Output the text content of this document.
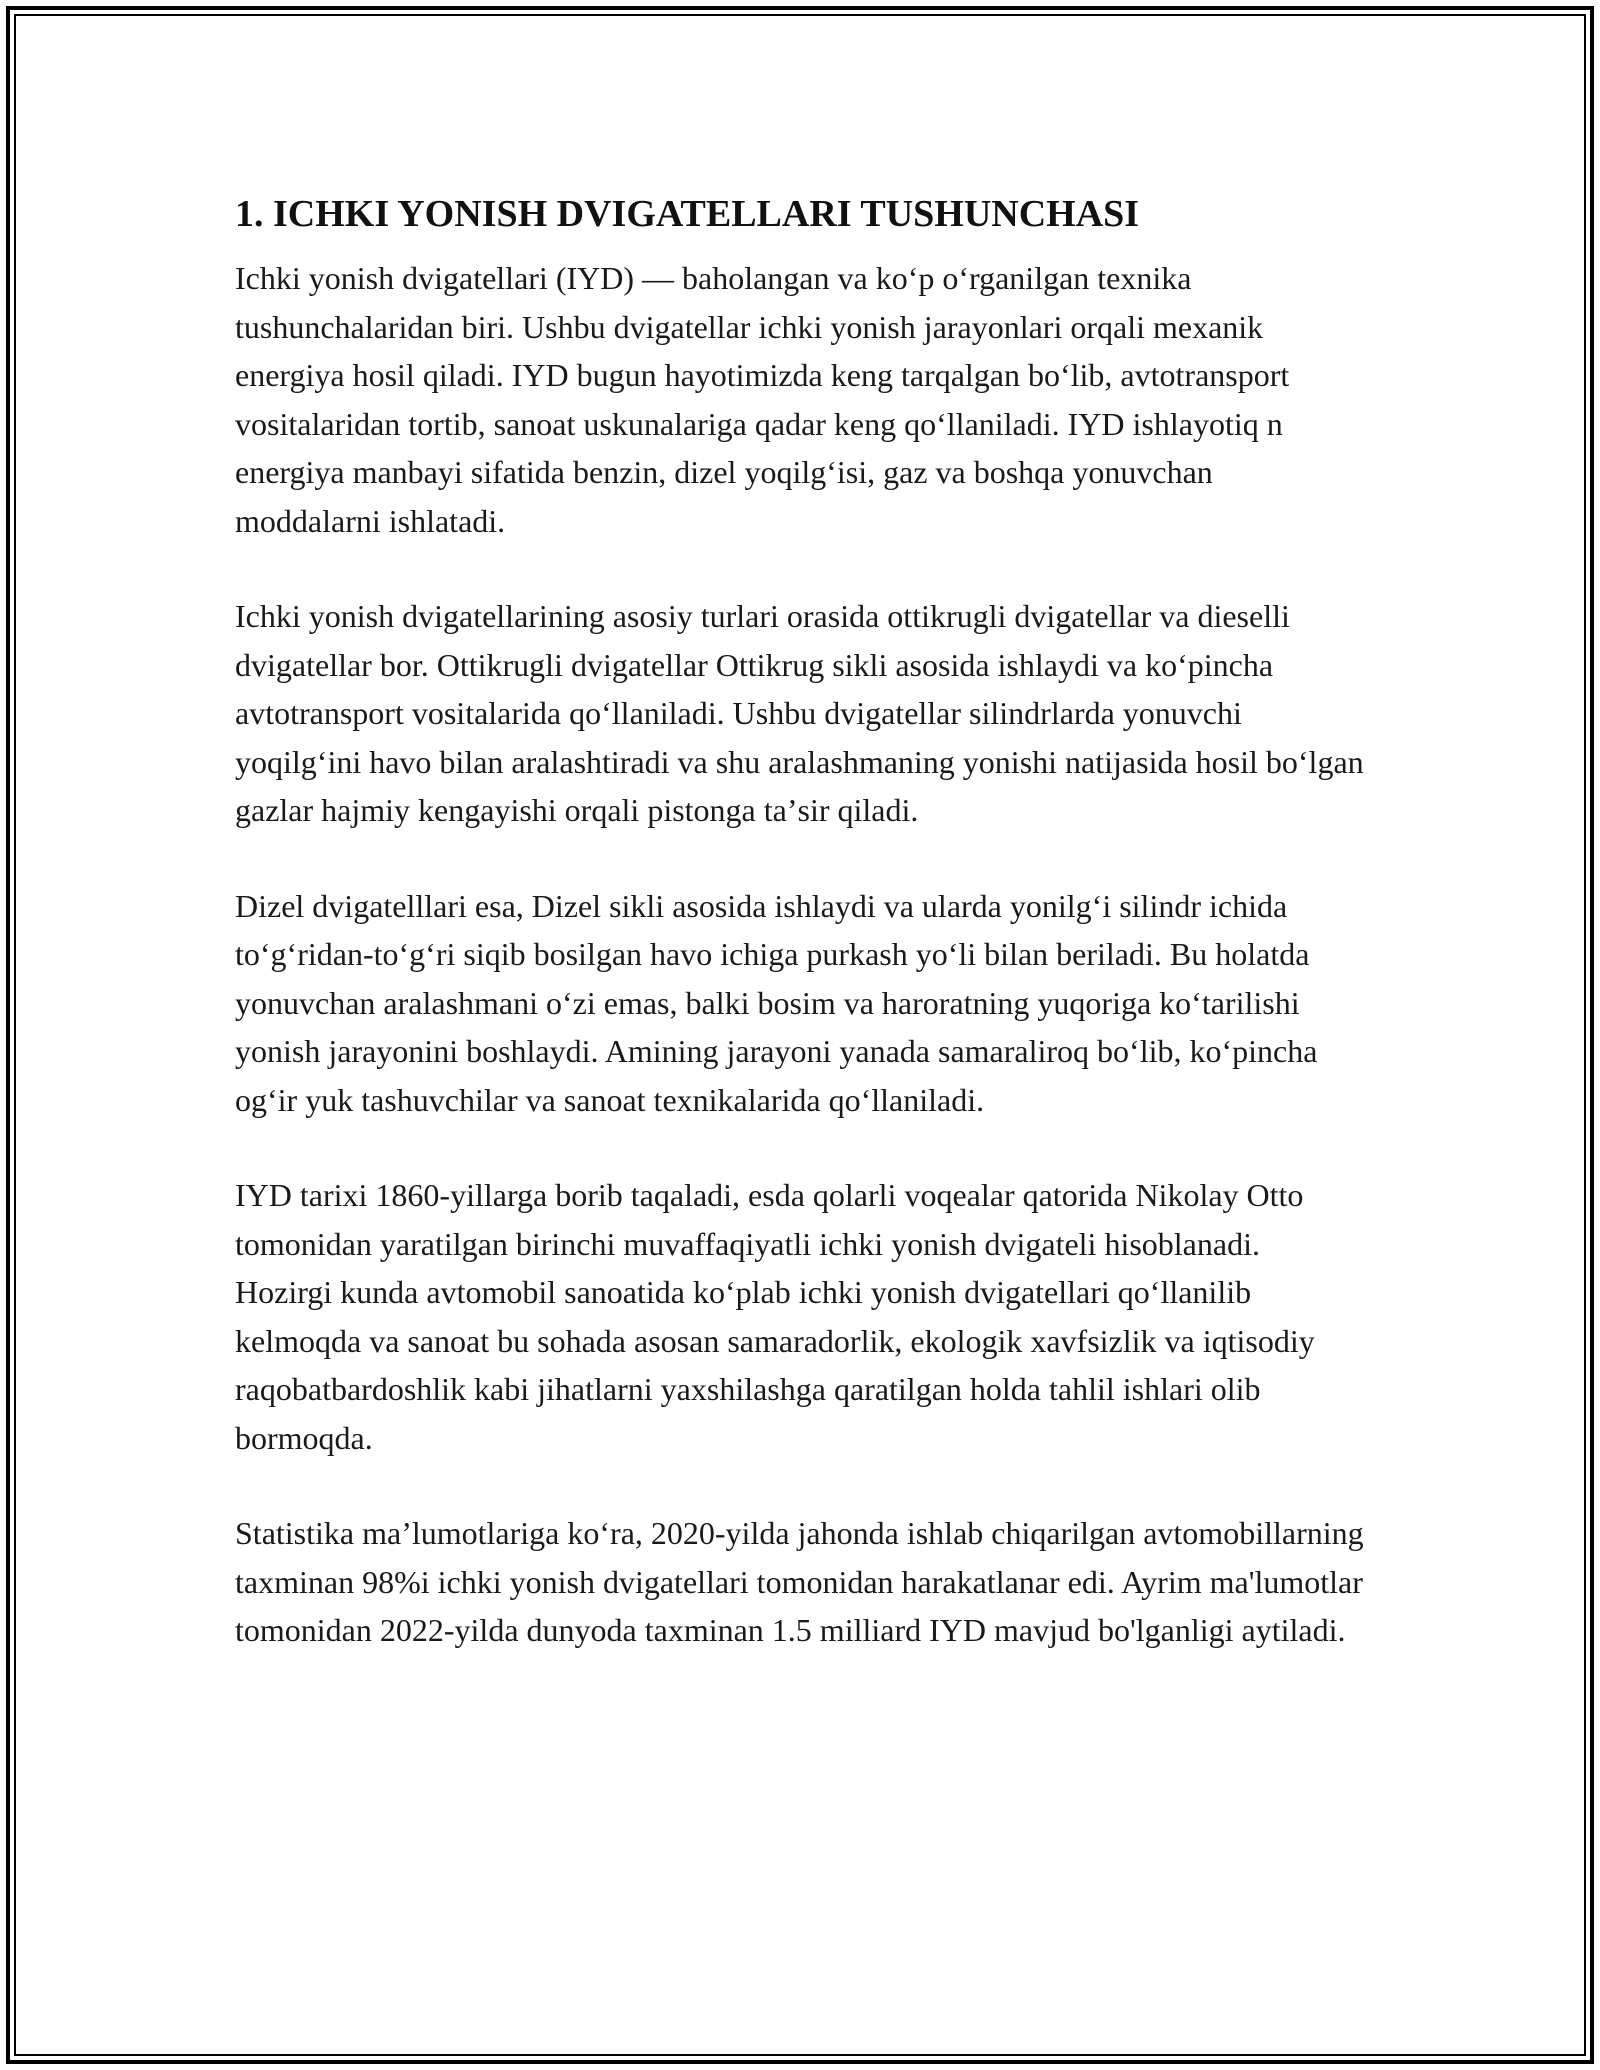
1. ICHKI YONISH DVIGATELLARI TUSHUNCHASI

Ichki yonish dvigatellari (IYD) — baholangan va koʻp oʻrganilgan texnika tushunchalaridan biri. Ushbu dvigatellar ichki yonish jarayonlari orqali mexanik energiya hosil qiladi. IYD bugun hayotimizda keng tarqalgan boʻlib, avtotransport vositalaridan tortib, sanoat uskunalariga qadar keng qoʻllaniladi. IYD ishlayotiq n energiya manbayi sifatida benzin, dizel yoqilgʻisi, gaz va boshqa yonuvchan moddalarni ishlatadi.

Ichki yonish dvigatellarining asosiy turlari orasida ottikrugli dvigatellar va dieselli dvigatellar bor. Ottikrugli dvigatellar Ottikrug sikli asosida ishlaydi va koʻpincha avtotransport vositalarida qoʻllaniladi. Ushbu dvigatellar silindrlarda yonuvchi yoqilgʻini havo bilan aralashtiradi va shu aralashmaning yonishi natijasida hosil boʻlgan gazlar hajmiy kengayishi orqali pistonga taʼsir qiladi.

Dizel dvigatelllari esa, Dizel sikli asosida ishlaydi va ularda yonilgʻi silindr ichida toʻgʻridan-toʻgʻri siqib bosilgan havo ichiga purkash yoʻli bilan beriladi. Bu holatda yonuvchan aralashmani oʻzi emas, balki bosim va haroratning yuqoriga koʻtarilishi yonish jarayonini boshlaydi. Amining jarayoni yanada samaraliroq boʻlib, koʻpincha ogʻir yuk tashuvchilar va sanoat texnikalarida qoʻllaniladi.

IYD tarixi 1860-yillarga borib taqaladi, esda qolarli voqealar qatorida Nikolay Otto tomonidan yaratilgan birinchi muvaffaqiyatli ichki yonish dvigateli hisoblanadi. Hozirgi kunda avtomobil sanoatida koʻplab ichki yonish dvigatellari qoʻllanilib kelmoqda va sanoat bu sohada asosan samaradorlik, ekologik xavfsizlik va iqtisodiy raqobatbardoshlik kabi jihatlarni yaxshilashga qaratilgan holda tahlil ishlari olib bormoqda.

Statistika maʼlumotlariga koʻra, 2020-yilda jahonda ishlab chiqarilgan avtomobillarning taxminan 98%i ichki yonish dvigatellari tomonidan harakatlanar edi. Ayrim ma'lumotlar tomonidan 2022-yilda dunyoda taxminan 1.5 milliard IYD mavjud bo'lganligi aytiladi.
